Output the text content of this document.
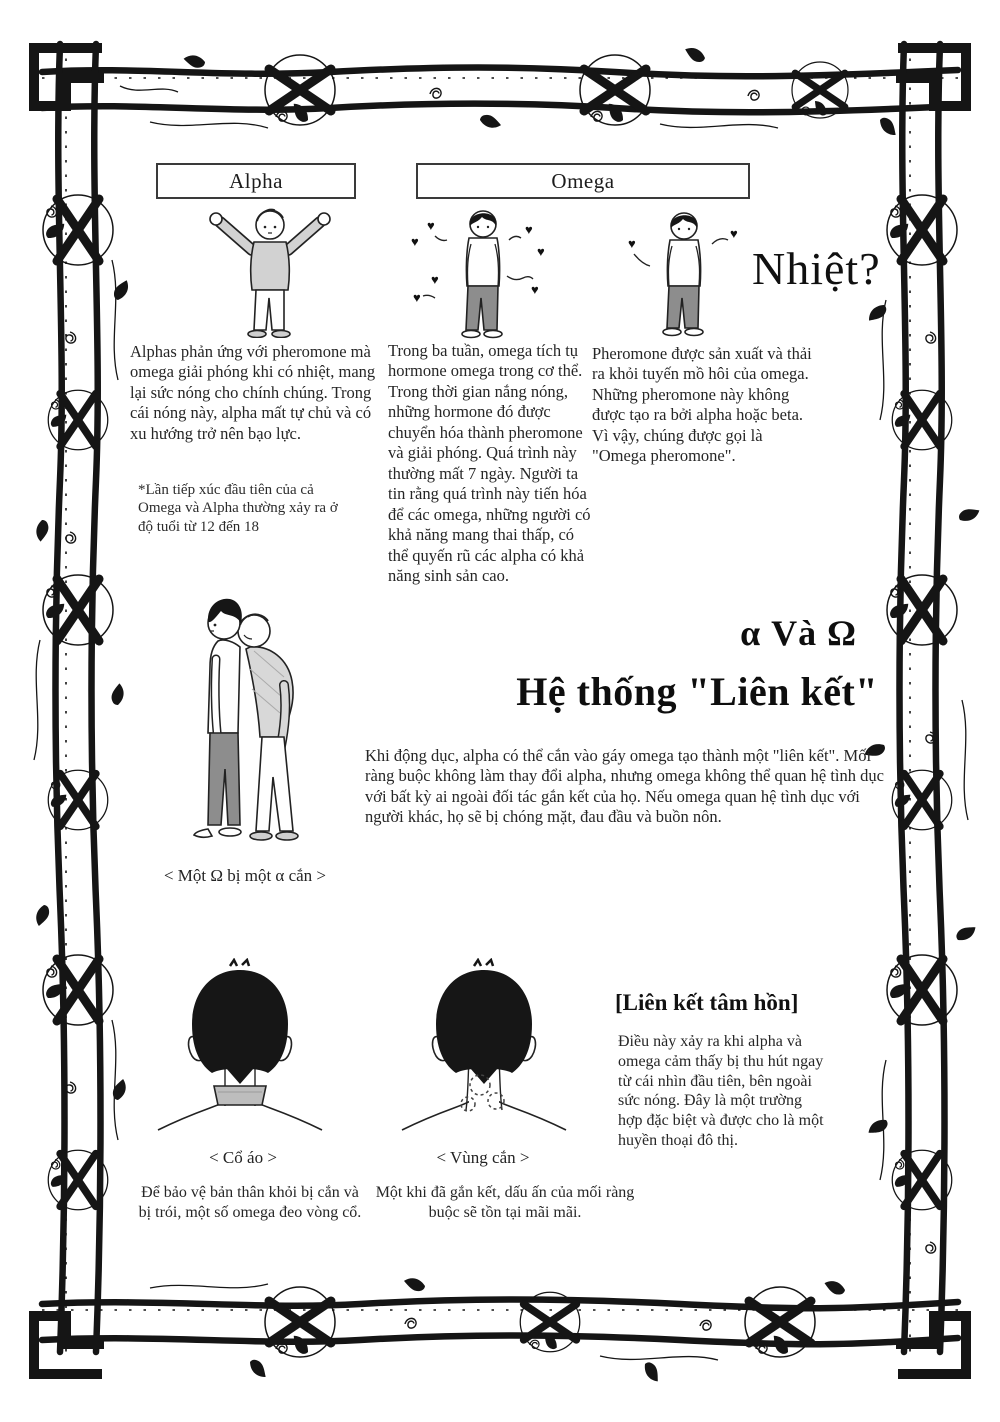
Alpha	Omega
♥
♥
♥
♥
♥
♥
♥
♥
♥
Nhiệt?

Alphas phản ứng với pheromone mà omega giải phóng khi có nhiệt, mang lại sức nóng cho chính chúng. Trong cái nóng này, alpha mất tự chủ và có xu hướng trở nên bạo lực.

*Lần tiếp xúc đầu tiên của cả Omega và Alpha thường xảy ra ở độ tuổi từ 12 đến 18

Trong ba tuần, omega tích tụ hormone omega trong cơ thể. Trong thời gian nắng nóng, những hormone đó được chuyển hóa thành pheromone và giải phóng. Quá trình này thường mất 7 ngày. Người ta tin rằng quá trình này tiến hóa để các omega, những người có khả năng mang thai thấp, có thể quyến rũ các alpha có khả năng sinh sản cao.

Pheromone được sản xuất và thải ra khỏi tuyến mồ hôi của omega. Những pheromone này không được tạo ra bởi alpha hoặc beta. Vì vậy, chúng được gọi là "Omega pheromone".

α Và Ω
Hệ thống "Liên kết"

Khi động dục, alpha có thể cắn vào gáy omega tạo thành một "liên kết". Mối ràng buộc không làm thay đổi alpha, nhưng omega không thể quan hệ tình dục với bất kỳ ai ngoài đối tác gắn kết của họ. Nếu omega quan hệ tình dục với người khác, họ sẽ bị chóng mặt, đau đầu và buồn nôn.

< Một Ω bị một α cắn >
[Liên kết tâm hồn]

Điều này xảy ra khi alpha và omega cảm thấy bị thu hút ngay từ cái nhìn đầu tiên, bên ngoài sức nóng. Đây là một trường hợp đặc biệt và được cho là một huyền thoại đô thị.

< Cổ áo >	< Vùng cắn >

Để bảo vệ bản thân khỏi bị cắn và bị trói, một số omega đeo vòng cổ.

Một khi đã gắn kết, dấu ấn của mối ràng buộc sẽ tồn tại mãi mãi.
